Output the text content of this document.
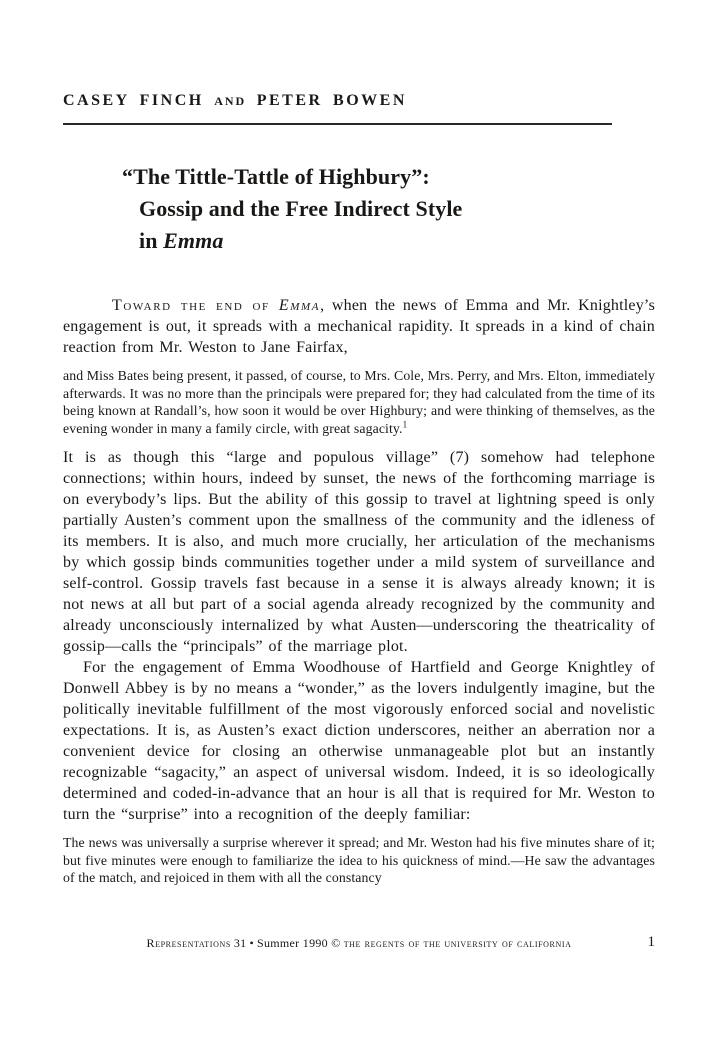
CASEY FINCH AND PETER BOWEN
“The Tittle-Tattle of Highbury”:
Gossip and the Free Indirect Style
in Emma

Toward the end of Emma, when the news of Emma and Mr. Knightley’s engagement is out, it spreads with a mechanical rapidity. It spreads in a kind of chain reaction from Mr. Weston to Jane Fairfax,

and Miss Bates being present, it passed, of course, to Mrs. Cole, Mrs. Perry, and Mrs. Elton, immediately afterwards. It was no more than the principals were prepared for; they had calculated from the time of its being known at Randall’s, how soon it would be over Highbury; and were thinking of themselves, as the evening wonder in many a family circle, with great sagacity.$^1$

It is as though this “large and populous village” (7) somehow had telephone connections; within hours, indeed by sunset, the news of the forthcoming marriage is on everybody’s lips. But the ability of this gossip to travel at lightning speed is only partially Austen’s comment upon the smallness of the community and the idleness of its members. It is also, and much more crucially, her articulation of the mechanisms by which gossip binds communities together under a mild system of surveillance and self-control. Gossip travels fast because in a sense it is always already known; it is not news at all but part of a social agenda already recognized by the community and already unconsciously internalized by what Austen—underscoring the theatricality of gossip—calls the “principals” of the marriage plot.

For the engagement of Emma Woodhouse of Hartfield and George Knightley of Donwell Abbey is by no means a “wonder,” as the lovers indulgently imagine, but the politically inevitable fulfillment of the most vigorously enforced social and novelistic expectations. It is, as Austen’s exact diction underscores, neither an aberration nor a convenient device for closing an otherwise unmanageable plot but an instantly recognizable “sagacity,” an aspect of universal wisdom. Indeed, it is so ideologically determined and coded-in-advance that an hour is all that is required for Mr. Weston to turn the “surprise” into a recognition of the deeply familiar:

The news was universally a surprise wherever it spread; and Mr. Weston had his five minutes share of it; but five minutes were enough to familiarize the idea to his quickness of mind.—He saw the advantages of the match, and rejoiced in them with all the constancy
Representations 31 • Summer 1990 © the regents of the university of california	1
